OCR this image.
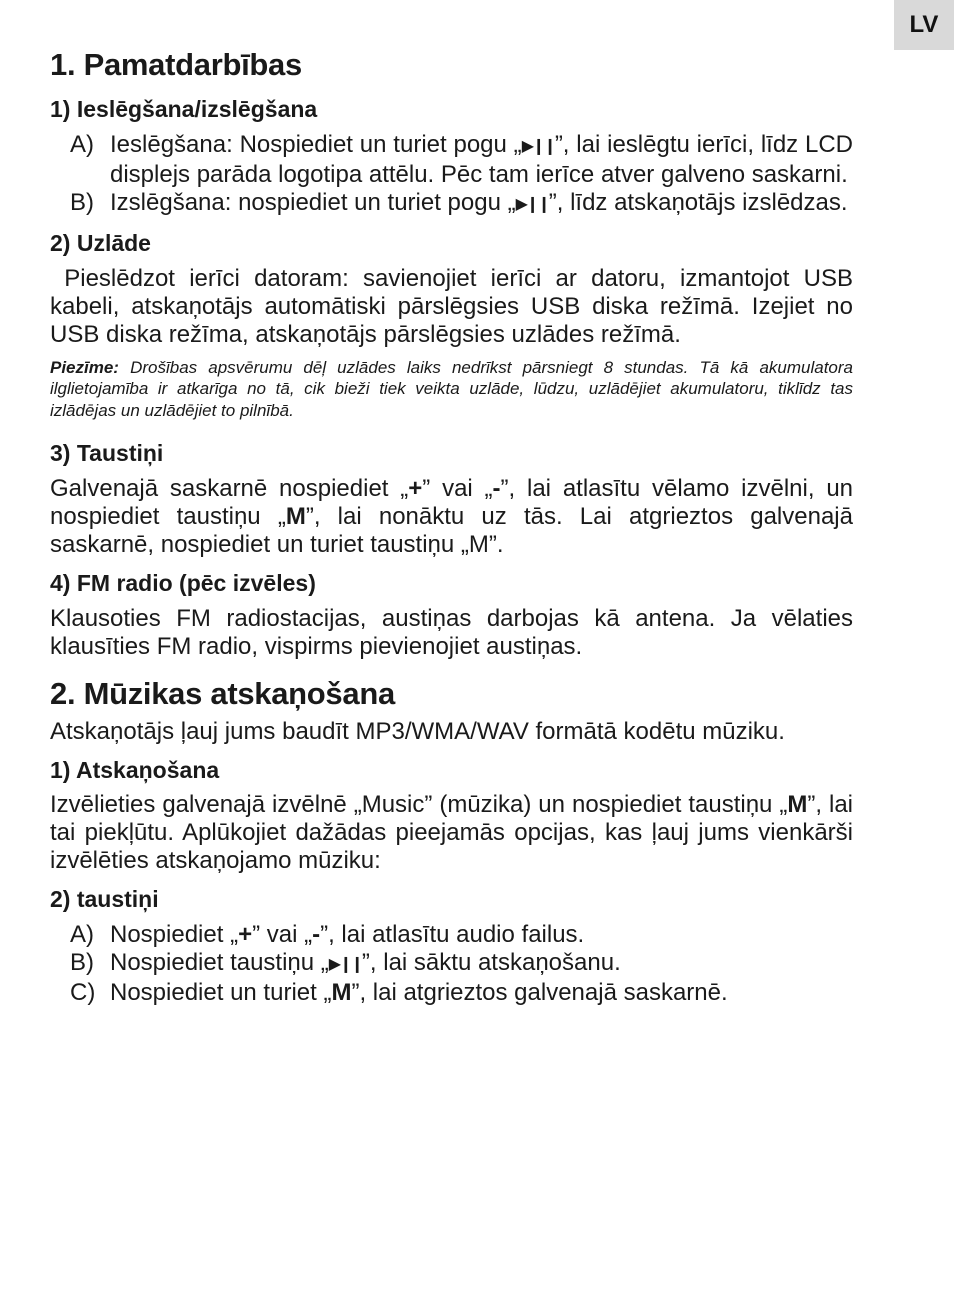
LV
1. Pamatdarbības
1) Ieslēgšana/izslēgšana
A) Ieslēgšana: Nospiediet un turiet pogu „▶❙❙”, lai ieslēgtu ierīci, līdz LCD displejs parāda logotipa attēlu. Pēc tam ierīce atver galveno saskarni.
B) Izslēgšana: nospiediet un turiet pogu „▶❙❙”, līdz atskaņotājs izslēdzas.
2) Uzlāde

Pieslēdzot ierīci datoram: savienojiet ierīci ar datoru, izmantojot USB kabeli, atskaņotājs automātiski pārslēgsies USB diska režīmā. Izejiet no USB diska režīma, atskaņotājs pārslēgsies uzlādes režīmā.

Piezīme: Drošības apsvērumu dēļ uzlādes laiks nedrīkst pārsniegt 8 stundas. Tā kā akumulatora ilglietojamība ir atkarīga no tā, cik bieži tiek veikta uzlāde, lūdzu, uzlādējiet akumulatoru, tiklīdz tas izlādējas un uzlādējiet to pilnībā.
3) Taustiņi

Galvenajā saskarnē nospiediet „+” vai „-”, lai atlasītu vēlamo izvēlni, un nospiediet taustiņu „M”, lai nonāktu uz tās. Lai atgrieztos galvenajā saskarnē, nospiediet un turiet taustiņu „M”.

4) FM radio (pēc izvēles)

Klausoties FM radiostacijas, austiņas darbojas kā antena. Ja vēlaties klausīties FM radio, vispirms pievienojiet austiņas.

2. Mūzikas atskaņošana

Atskaņotājs ļauj jums baudīt MP3/WMA/WAV formātā kodētu mūziku.

1) Atskaņošana

Izvēlieties galvenajā izvēlnē „Music” (mūzika) un nospiediet taustiņu „M”, lai tai piekļūtu. Aplūkojiet dažādas pieejamās opcijas, kas ļauj jums vienkārši izvēlēties atskaņojamo mūziku:

2) taustiņi
A) Nospiediet „+” vai „-”, lai atlasītu audio failus.
B) Nospiediet taustiņu „▶❙❙”, lai sāktu atskaņošanu.
C) Nospiediet un turiet „M”, lai atgrieztos galvenajā saskarnē.
